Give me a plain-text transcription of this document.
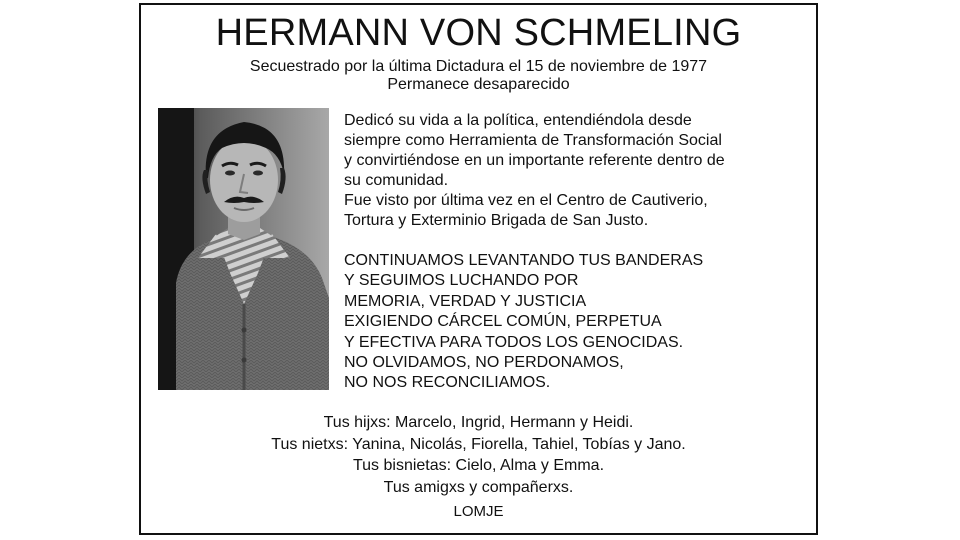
HERMANN VON SCHMELING
Secuestrado por la última Dictadura el 15 de noviembre de 1977
Permanece desaparecido

Dedicó su vida a la política, entendiéndola desde

siempre como Herramienta de Transformación Social

y convirtiéndose en un importante referente dentro de

su comunidad.

Fue visto por última vez en el Centro de Cautiverio,

Tortura y Exterminio Brigada de San Justo.

CONTINUAMOS LEVANTANDO TUS BANDERAS
Y SEGUIMOS LUCHANDO POR
MEMORIA, VERDAD Y JUSTICIA
EXIGIENDO CÁRCEL COMÚN, PERPETUA
Y EFECTIVA PARA TODOS LOS GENOCIDAS.
NO OLVIDAMOS, NO PERDONAMOS,
NO NOS RECONCILIAMOS.
Tus hijxs: Marcelo, Ingrid, Hermann y Heidi.
Tus nietxs: Yanina, Nicolás, Fiorella, Tahiel, Tobías y Jano.
Tus bisnietas: Cielo, Alma y Emma.
Tus amigxs y compañerxs.
LOMJE
